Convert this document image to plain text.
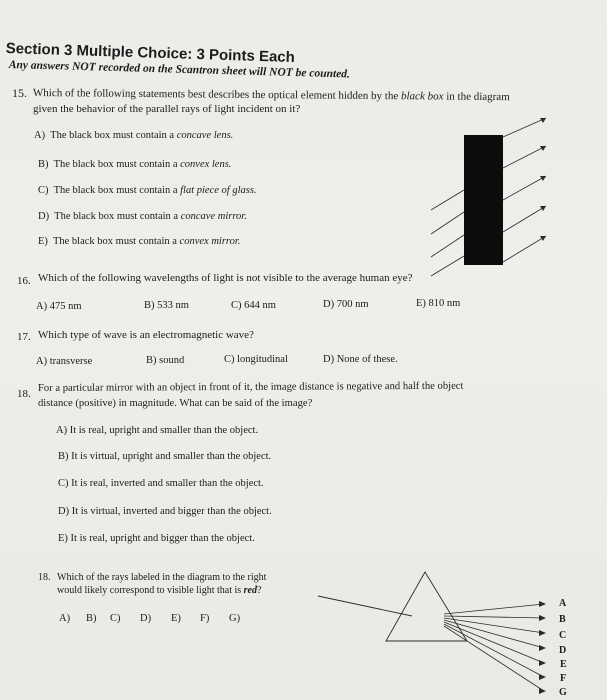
Section 3 Multiple Choice: 3 Points Each
Any answers NOT recorded on the Scantron sheet will NOT be counted.
15. Which of the following statements best describes the optical element hidden by the black box in the diagram
given the behavior of the parallel rays of light incident on it?
A) The black box must contain a concave lens.
B) The black box must contain a convex lens.
C) The black box must contain a flat piece of glass.
D) The black box must contain a concave mirror.
E) The black box must contain a convex mirror.
16. Which of the following wavelengths of light is not visible to the average human eye?
A) 475 nm	B) 533 nm	C) 644 nm	D) 700 nm	E) 810 nm
17. Which type of wave is an electromagnetic wave?
A) transverse	B) sound	C) longitudinal	D) None of these.
18.
For a particular mirror with an object in front of it, the image distance is negative and half the object
distance (positive) in magnitude. What can be said of the image?
A) It is real, upright and smaller than the object.
B) It is virtual, upright and smaller than the object.
C) It is real, inverted and smaller than the object.
D) It is virtual, inverted and bigger than the object.
E) It is real, upright and bigger than the object.
18. Which of the rays labeled in the diagram to the right
would likely correspond to visible light that is red?
A) B) C) D) E) F) G)
A
B
C
D
E
F
G
